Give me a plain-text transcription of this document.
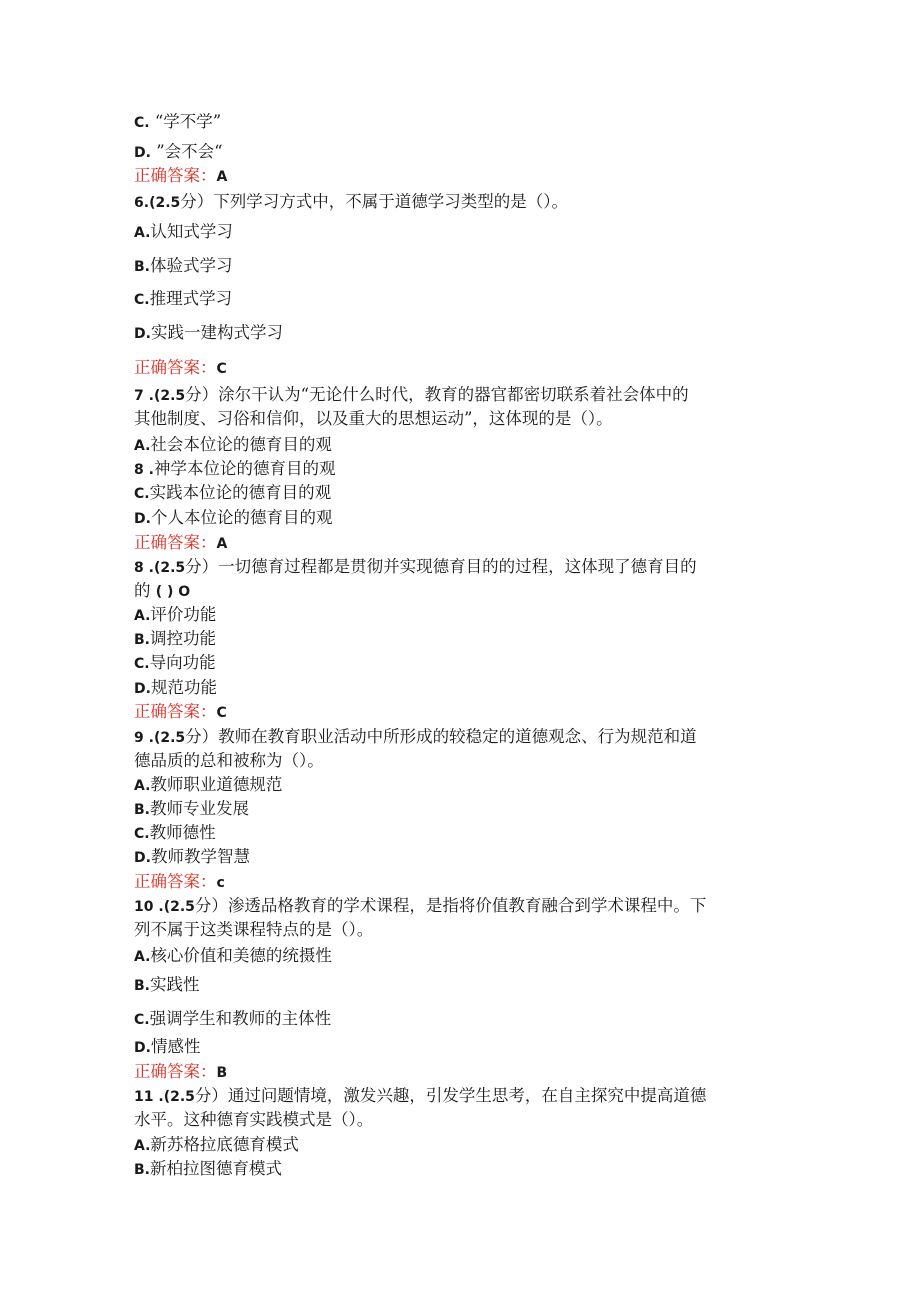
C. “学不学”
D. ”会不会“
正确答案：A
6.(2.5分）下列学习方式中，不属于道德学习类型的是（）。
A.认知式学习
B.体验式学习
C.推理式学习
D.实践一建构式学习
正确答案：C
7 .(2.5分）涂尔干认为“无论什么时代，教育的器官都密切联系着社会体中的
其他制度、习俗和信仰，以及重大的思想运动”，这体现的是（）。
A.社会本位论的德育目的观
8 .神学本位论的德育目的观
C.实践本位论的德育目的观
D.个人本位论的德育目的观
正确答案：A
8 .(2.5分）一切德育过程都是贯彻并实现德育目的的过程，这体现了德育目的
的 ( ) O
A.评价功能
B.调控功能
C.导向功能
D.规范功能
正确答案：C
9 .(2.5分）教师在教育职业活动中所形成的较稳定的道德观念、行为规范和道
德品质的总和被称为（）。
A.教师职业道德规范
B.教师专业发展
C.教师德性
D.教师教学智慧
正确答案：c
10 .(2.5分）渗透品格教育的学术课程，是指将价值教育融合到学术课程中。下
列不属于这类课程特点的是（）。
A.核心价值和美德的统摄性
B.实践性
C.强调学生和教师的主体性
D.情感性
正确答案：B
11 .(2.5分）通过问题情境，激发兴趣，引发学生思考，在自主探究中提高道德
水平。这种德育实践模式是（）。
A.新苏格拉底德育模式
B.新柏拉图德育模式
